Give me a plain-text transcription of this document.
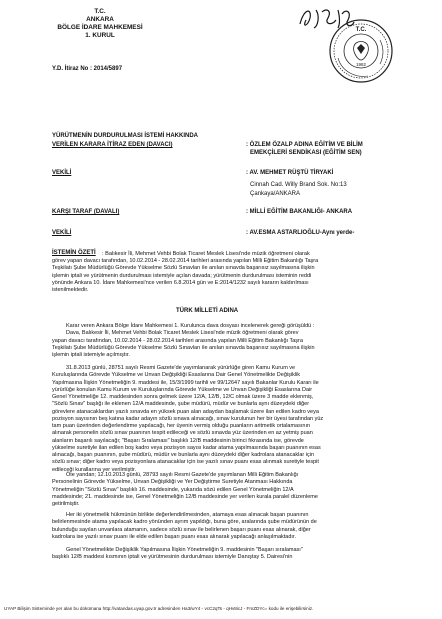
T.C.
ANKARA
BÖLGE İDARE MAHKEMESİ
1. KURUL
Y.D. İtiraz No : 2014/5897
T.C.
1982
YÜRÜTMENİN DURDURULMASI İSTEMİ HAKKINDA
VERİLEN KARARA İTİRAZ EDEN (DAVACI)	: ÖZLEM ÖZALP ADINA EĞİTİM VE BİLİM
EMEKÇİLERİ SENDİKASI (EĞİTİM SEN)
VEKİLİ	: AV. MEHMET RÜŞTÜ TİRYAKİ
Cinnah Cad. Willy Brand Sok. No:13
Çankaya/ANKARA
KARŞI TARAF (DAVALI)	: MİLLİ EĞİTİM BAKANLIĞI- ANKARA
VEKİLİ	: AV.ESMA ASTARLIOĞLU-Aynı yerde-
İSTEMİN ÖZETİ : Balıkesir İli, Mehmet Vehbi Bolak Ticaret Meslek Lisesi'nde müzik öğretmeni olarak
görev yapan davacı tarafından, 10.02.2014 - 28.02.2014 tarihleri arasında yapılan Milli Eğitim Bakanlığı Taşra
Teşkilatı Şube Müdürlüğü Görevde Yükselme Sözlü Sınavları ile anılan sınavda başarısız sayılmasına ilişkin
işlemin iptali ve yürütmenin durdurulması istemiyle açılan davada; yürütmenin durdurulması isteminin reddi
yönünde Ankara 10. İdare Mahkemesi'nce verilen 6.8.2014 gün ve E:2014/1232 sayılı kararın kaldırılması
istenilmektedir.
TÜRK MİLLETİ ADINA
Karar veren Ankara Bölge İdare Mahkemesi 1. Kurulunca dava dosyası incelenerek gereği görüşüldü :
Dava, Balıkesir İli, Mehmet Vehbi Bolak Ticaret Meslek Lisesi'nde müzik öğretmeni olarak görev
yapan davacı tarafından, 10.02.2014 - 28.02.2014 tarihleri arasında yapılan Milli Eğitim Bakanlığı Taşra
Teşkilatı Şube Müdürlüğü Görevde Yükselme Sözlü Sınavları ile anılan sınavda başarısız sayılmasına ilişkin
işlemin iptali istemiyle açılmıştır.
31.8.2013 günlü, 28751 sayılı Resmi Gazete'de yayımlanarak yürürlüğe giren Kamu Kurum ve
Kuruluşlarında Görevde Yükselme ve Unvan Değişikliği Esaslarına Dair Genel Yönetmelikte Değişiklik
Yapılmasına İlişkin Yönetmeliğin 9. maddesi ile, 15/3/1999 tarihli ve 99/12647 sayılı Bakanlar Kurulu Kararı ile
yürürlüğe konulan Kamu Kurum ve Kuruluşlarında Görevde Yükselme ve Unvan Değişikliği Esaslarına Dair
Genel Yönetmeliğe 12. maddesinden sonra gelmek üzere 12/A, 12/B, 12/C olmak üzere 3 madde eklenmiş,
"Sözlü Sınav" başlığı ile eklenen 12/A maddesinde, şube müdürü, müdür ve bunlarla aynı düzeydeki diğer
görevlere atanacaklardan yazılı sınavda en yüksek puan alan adaydan başlamak üzere ilan edilen kadro veya
pozisyon sayısının beş katına kadar adayın sözlü sınava alınacağı, sınav kurulunun her bir üyesi tarafından yüz
tam puan üzerinden değerlendirme yapılacağı, her üyenin vermiş olduğu puanların aritmetik ortalamasının
alınarak personelin sözlü sınav puanının tespit edileceği ve sözlü sınavda yüz üzerinden en az yetmiş puan
alanların başarılı sayılacağı; "Başarı Sıralaması" başlıklı 12/B maddesinin birinci fıkrasında ise, görevde
yükselme suretiyle ilan edilen boş kadro veya pozisyon sayısı kadar atama yapılmasında başarı puanının esas
alınacağı, başarı puanının, şube müdürü, müdür ve bunlarla aynı düzeydeki diğer kadrolara atanacaklar için
sözlü sınav; diğer kadro veya pozisyonlara atanacaklar için ise yazılı sınav puanı esas alınmak suretiyle tespit
edileceği kurallarına yer verilmiştir.
Öte yandan; 12.10.2013 günlü, 28793 sayılı Resmi Gazete'de yayımlanan Milli Eğitim Bakanlığı
Personelinin Görevde Yükselme, Unvan Değişikliği ve Yer Değiştirme Suretiyle Atanması Hakkında
Yönetmeliğin "Sözlü Sınav" başlıklı 16. maddesinde, yukarıda sözü edilen Genel Yönetmeliğin 12/A
maddesinde; 21. maddesinde ise, Genel Yönetmeliğin 12/B maddesinde yer verilen kurala paralel düzenleme
getirilmiştir.
Her iki yönetmelik hükmünün birlikte değerlendirilmesinden, atamaya esas alınacak başarı puanının
belirlenmesinde atama yapılacak kadro yönünden ayrım yapıldığı, buna göre, aralarında şube müdürünün de
bulunduğu sayılan unvanlara atamanın, sadece sözlü sınav ile belirlenen başarı puanı esas alınarak, diğer
kadrolara ise yazılı sınav puanı ile elde edilen başarı puanı esas alınarak yapılacağı anlaşılmaktadır.
Genel Yönetmelikte Değişiklik Yapılmasına İlişkin Yönetmeliğin 9. maddesinin "Başarı sıralaması"
başlıklı 12/B maddesi kısmının iptali ve yürütmesinin durdurulması istemiyle Danıştay 5. Dairesi'nin
UYAP Bilişim Sisteminde yer alan bu dokümana http://vatandas.uyap.gov.tr adresinden Ha3/wY4 - vcC2qTs - qHv8icJ - FmZDYc= kodu ile erişebilirsiniz.
